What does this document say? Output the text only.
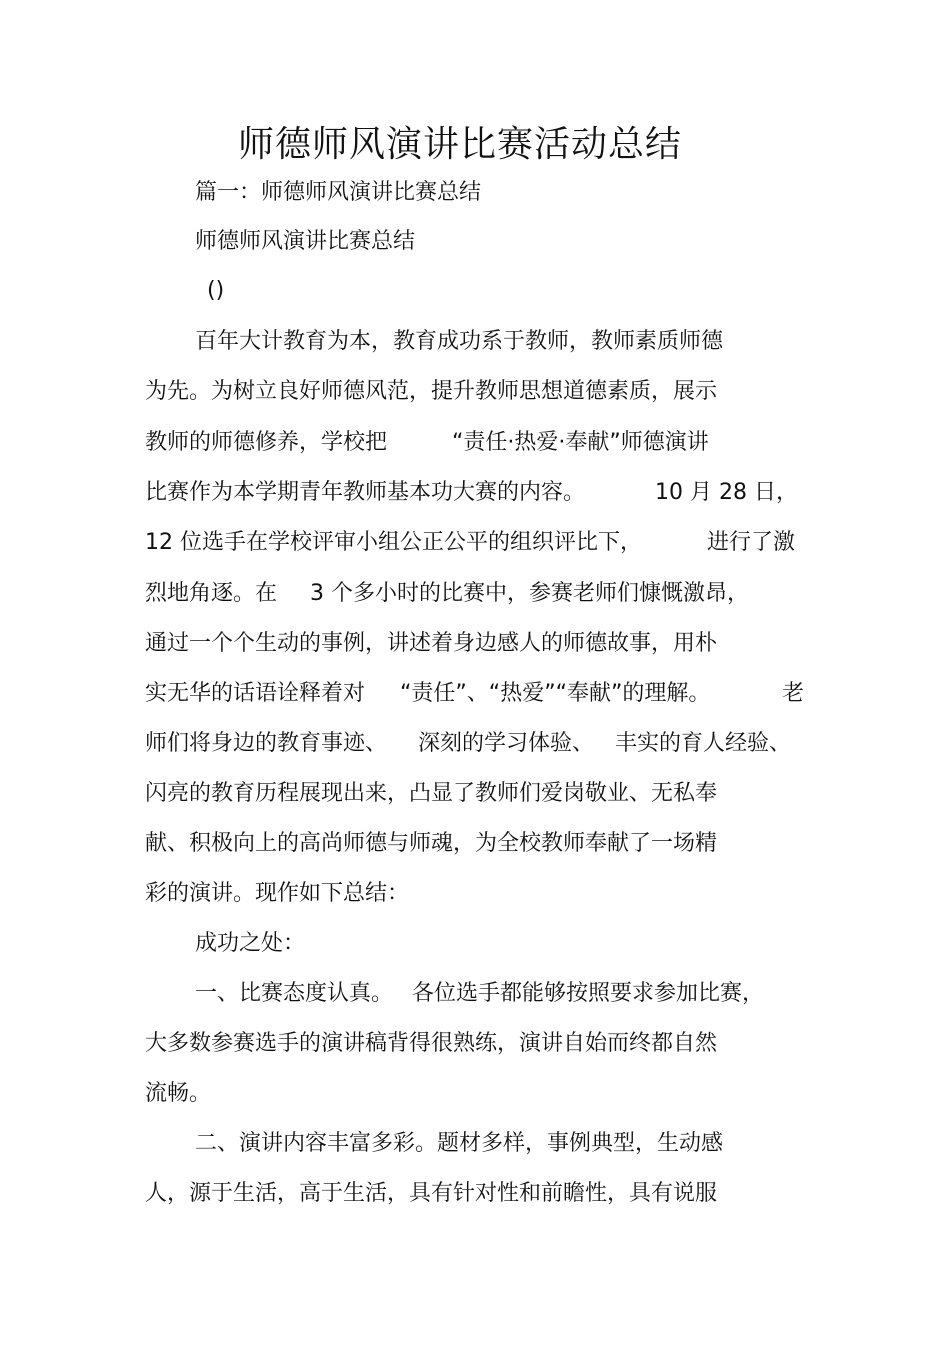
师德师风演讲比赛活动总结
篇一：师德师风演讲比赛总结
师德师风演讲比赛总结
()
百年大计教育为本，教育成功系于教师，教师素质师德
为先。为树立良好师德风范，提升教师思想道德素质，展示
教师的师德修养，学校把	“责任·热爱·奉献”师德演讲
比赛作为本学期青年教师基本功大赛的内容。	10 月 28 日，
12 位选手在学校评审小组公正公平的组织评比下，	进行了激
烈地角逐。在 3 个多小时的比赛中，参赛老师们慷慨激昂，
通过一个个生动的事例，讲述着身边感人的师德故事，用朴
实无华的话语诠释着对 “责任”、“热爱”“奉献”的理解。	老
师们将身边的教育事迹、 深刻的学习体验、 丰实的育人经验、
闪亮的教育历程展现出来，凸显了教师们爱岗敬业、无私奉
献、积极向上的高尚师德与师魂，为全校教师奉献了一场精
彩的演讲。现作如下总结：
成功之处：
一、比赛态度认真。 各位选手都能够按照要求参加比赛，
大多数参赛选手的演讲稿背得很熟练，演讲自始而终都自然
流畅。
二、演讲内容丰富多彩。题材多样，事例典型，生动感
人，源于生活，高于生活，具有针对性和前瞻性，具有说服
